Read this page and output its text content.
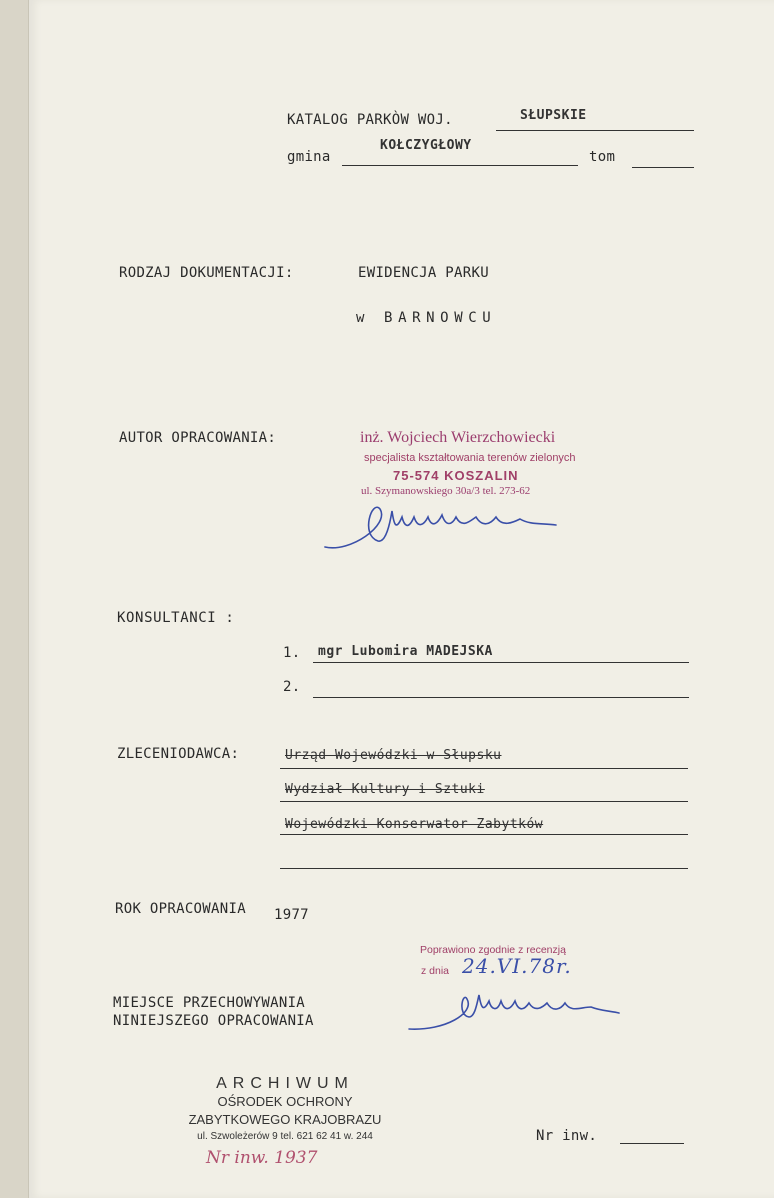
KATALOG PARKÒW WOJ.	SŁUPSKIE
gmina
KOŁCZYGŁOWY
tom
RODZAJ DOKUMENTACJI:	EWIDENCJA PARKU
w BARNOWCU
AUTOR OPRACOWANIA:	inż. Wojciech Wierzchowiecki
specjalista kształtowania terenów zielonych
75-574 KOSZALIN
ul. Szymanowskiego 30a/3 tel. 273-62
KONSULTANCI :
1. mgr Lubomira MADEJSKA
2.
ZLECENIODAWCA:	Urząd Wojewódzki w Słupsku
Wydział Kultury i Sztuki
Wojewódzki Konserwator Zabytków
ROK OPRACOWANIA 1977
Poprawiono zgodnie z recenzją
z dnia 24.VI.78r.
MIEJSCE PRZECHOWYWANIA
NINIEJSZEGO OPRACOWANIA
ARCHIWUM
OŚRODEK OCHRONY
ZABYTKOWEGO KRAJOBRAZU
ul. Szwoleżerów 9 tel. 621 62 41 w. 244
Nr inw. 1937
Nr inw.
